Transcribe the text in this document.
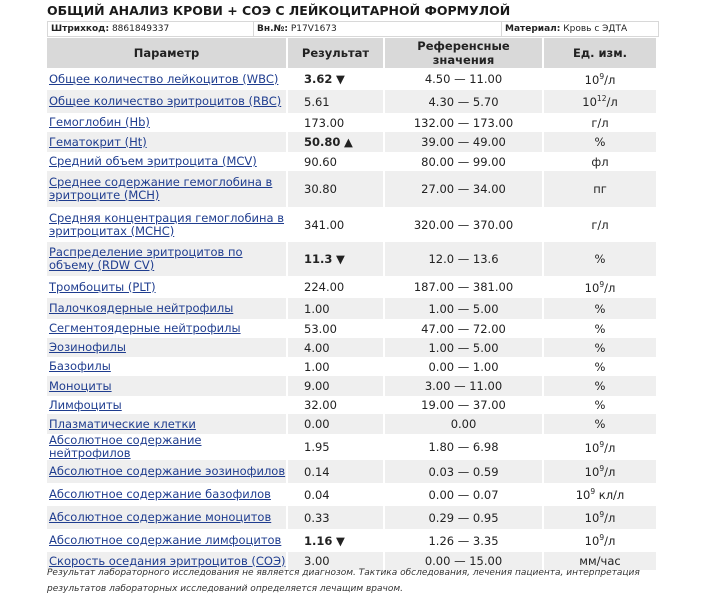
ОБЩИЙ АНАЛИЗ КРОВИ + СОЭ С ЛЕЙКОЦИТАРНОЙ ФОРМУЛОЙ
Штрихкод: 8861849337	Вн.№: P17V1673	Материал: Кровь с ЭДТА
Параметр	Результат	Референсные значения	Ед. изм.
Общее количество лейкоцитов (WBC)	3.62 ▼	4.50 — 11.00	$10^9/л$
Общее количество эритроцитов (RBC)	5.61	4.30 — 5.70	$10^{12}/л$
Гемоглобин (Hb)	173.00	132.00 — 173.00	г/л
Гематокрит (Ht)	50.80 ▲	39.00 — 49.00	%
Средний объем эритроцита (MCV)	90.60	80.00 — 99.00	фл
Среднее содержание гемоглобина в эритроците (MCH)	30.80	27.00 — 34.00	пг
Средняя концентрация гемоглобина в эритроцитах (MCHC)	341.00	320.00 — 370.00	г/л
Распределение эритроцитов по объему (RDW CV)	11.3 ▼	12.0 — 13.6	%
Тромбоциты (PLT)	224.00	187.00 — 381.00	$10^9/л$
Палочкоядерные нейтрофилы	1.00	1.00 — 5.00	%
Сегментоядерные нейтрофилы	53.00	47.00 — 72.00	%
Эозинофилы	4.00	1.00 — 5.00	%
Базофилы	1.00	0.00 — 1.00	%
Моноциты	9.00	3.00 — 11.00	%
Лимфоциты	32.00	19.00 — 37.00	%
Плазматические клетки	0.00	0.00	%
Абсолютное содержание нейтрофилов	1.95	1.80 — 6.98	$10^9/л$
Абсолютное содержание эозинофилов	0.14	0.03 — 0.59	$10^9/л$
Абсолютное содержание базофилов	0.04	0.00 — 0.07	$10^9$ кл/л
Абсолютное содержание моноцитов	0.33	0.29 — 0.95	$10^9/л$
Абсолютное содержание лимфоцитов	1.16 ▼	1.26 — 3.35	$10^9/л$
Скорость оседания эритроцитов (СОЭ)	3.00	0.00 — 15.00	мм/час
Результат лабораторного исследования не является диагнозом. Тактика обследования, лечения пациента, интерпретация
результатов лабораторных исследований определяется лечащим врачом.
